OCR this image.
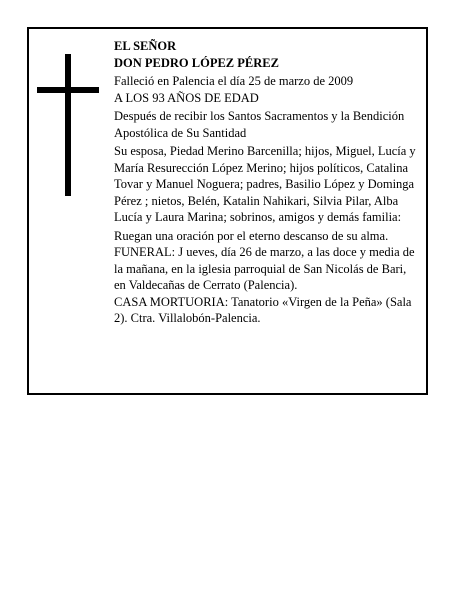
EL SEÑOR

DON PEDRO LÓPEZ PÉREZ

Falleció en Palencia el día 25 de marzo de 2009

A LOS 93 AÑOS DE EDAD

Después de recibir los Santos Sacramentos y la Bendición Apostólica de Su Santidad

Su esposa, Piedad Merino Barcenilla; hijos, Miguel, Lucía y María Resurección López Merino; hijos políticos, Catalina Tovar y Manuel Noguera; padres, Basilio López y Dominga Pérez ; nietos, Belén, Katalin Nahikari, Silvia Pilar, Alba Lucía y Laura Marina; sobrinos, amigos y demás familia:

Ruegan una oración por el eterno descanso de su alma.

FUNERAL: J ueves, día 26 de marzo, a las doce y media de la mañana, en la iglesia parroquial de San Nicolás de Bari, en Valdecañas de Cerrato (Palencia).

CASA MORTUORIA: Tanatorio «Virgen de la Peña» (Sala 2). Ctra. Villalobón-Palencia.
